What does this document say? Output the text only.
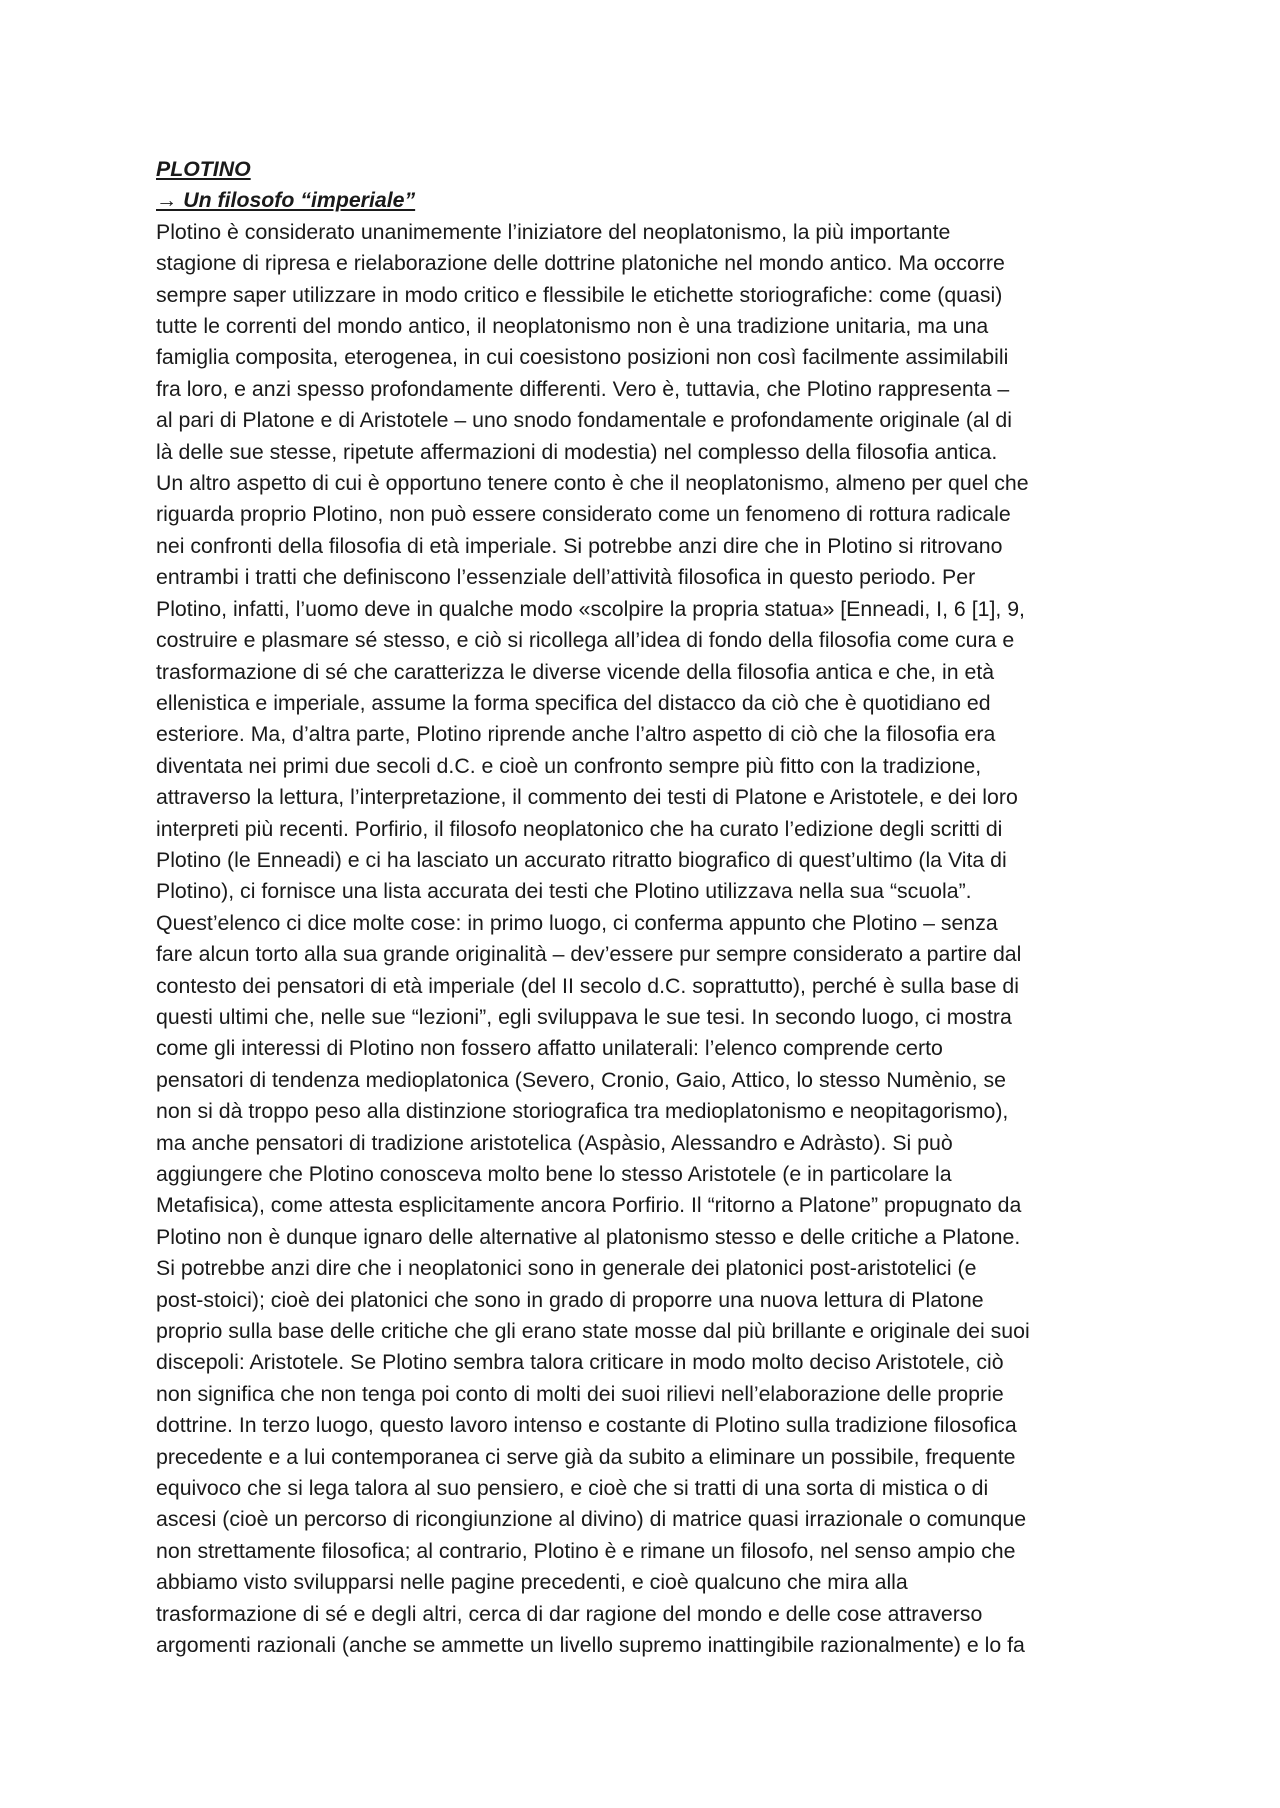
PLOTINO
→ Un filosofo “imperiale”
Plotino è considerato unanimemente l’iniziatore del neoplatonismo, la più importante
stagione di ripresa e rielaborazione delle dottrine platoniche nel mondo antico. Ma occorre
sempre saper utilizzare in modo critico e flessibile le etichette storiografiche: come (quasi)
tutte le correnti del mondo antico, il neoplatonismo non è una tradizione unitaria, ma una
famiglia composita, eterogenea, in cui coesistono posizioni non così facilmente assimilabili
fra loro, e anzi spesso profondamente differenti. Vero è, tuttavia, che Plotino rappresenta –
al pari di Platone e di Aristotele – uno snodo fondamentale e profondamente originale (al di
là delle sue stesse, ripetute affermazioni di modestia) nel complesso della filosofia antica.
Un altro aspetto di cui è opportuno tenere conto è che il neoplatonismo, almeno per quel che
riguarda proprio Plotino, non può essere considerato come un fenomeno di rottura radicale
nei confronti della filosofia di età imperiale. Si potrebbe anzi dire che in Plotino si ritrovano
entrambi i tratti che definiscono l’essenziale dell’attività filosofica in questo periodo. Per
Plotino, infatti, l’uomo deve in qualche modo «scolpire la propria statua» [Enneadi, I, 6 [1], 9,
costruire e plasmare sé stesso, e ciò si ricollega all’idea di fondo della filosofia come cura e
trasformazione di sé che caratterizza le diverse vicende della filosofia antica e che, in età
ellenistica e imperiale, assume la forma specifica del distacco da ciò che è quotidiano ed
esteriore. Ma, d’altra parte, Plotino riprende anche l’altro aspetto di ciò che la filosofia era
diventata nei primi due secoli d.C. e cioè un confronto sempre più fitto con la tradizione,
attraverso la lettura, l’interpretazione, il commento dei testi di Platone e Aristotele, e dei loro
interpreti più recenti. Porfirio, il filosofo neoplatonico che ha curato l’edizione degli scritti di
Plotino (le Enneadi) e ci ha lasciato un accurato ritratto biografico di quest’ultimo (la Vita di
Plotino), ci fornisce una lista accurata dei testi che Plotino utilizzava nella sua “scuola”.
Quest’elenco ci dice molte cose: in primo luogo, ci conferma appunto che Plotino – senza
fare alcun torto alla sua grande originalità – dev’essere pur sempre considerato a partire dal
contesto dei pensatori di età imperiale (del II secolo d.C. soprattutto), perché è sulla base di
questi ultimi che, nelle sue “lezioni”, egli sviluppava le sue tesi. In secondo luogo, ci mostra
come gli interessi di Plotino non fossero affatto unilaterali: l’elenco comprende certo
pensatori di tendenza medioplatonica (Severo, Cronio, Gaio, Attico, lo stesso Numènio, se
non si dà troppo peso alla distinzione storiografica tra medioplatonismo e neopitagorismo),
ma anche pensatori di tradizione aristotelica (Aspàsio, Alessandro e Adràsto). Si può
aggiungere che Plotino conosceva molto bene lo stesso Aristotele (e in particolare la
Metafisica), come attesta esplicitamente ancora Porfirio. Il “ritorno a Platone” propugnato da
Plotino non è dunque ignaro delle alternative al platonismo stesso e delle critiche a Platone.
Si potrebbe anzi dire che i neoplatonici sono in generale dei platonici post-aristotelici (e
post-stoici); cioè dei platonici che sono in grado di proporre una nuova lettura di Platone
proprio sulla base delle critiche che gli erano state mosse dal più brillante e originale dei suoi
discepoli: Aristotele. Se Plotino sembra talora criticare in modo molto deciso Aristotele, ciò
non significa che non tenga poi conto di molti dei suoi rilievi nell’elaborazione delle proprie
dottrine. In terzo luogo, questo lavoro intenso e costante di Plotino sulla tradizione filosofica
precedente e a lui contemporanea ci serve già da subito a eliminare un possibile, frequente
equivoco che si lega talora al suo pensiero, e cioè che si tratti di una sorta di mistica o di
ascesi (cioè un percorso di ricongiunzione al divino) di matrice quasi irrazionale o comunque
non strettamente filosofica; al contrario, Plotino è e rimane un filosofo, nel senso ampio che
abbiamo visto svilupparsi nelle pagine precedenti, e cioè qualcuno che mira alla
trasformazione di sé e degli altri, cerca di dar ragione del mondo e delle cose attraverso
argomenti razionali (anche se ammette un livello supremo inattingibile razionalmente) e lo fa
